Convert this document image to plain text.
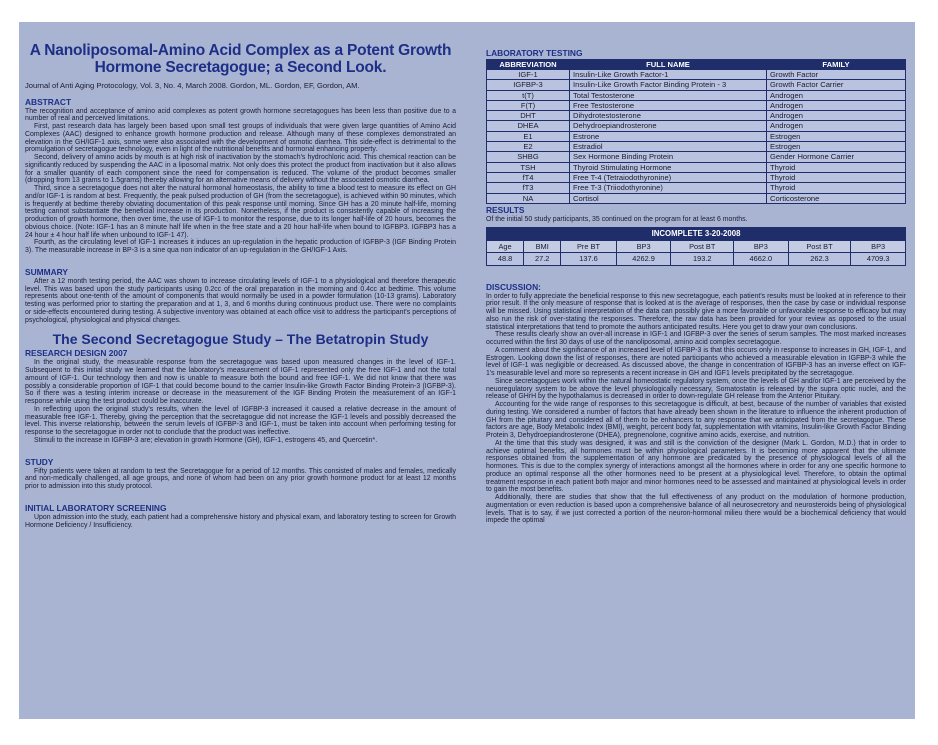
A Nanoliposomal-Amino Acid Complex as a Potent Growth Hormone Secretagogue; a Second Look.
Journal of Anti Aging Protocology, Vol. 3, No. 4, March 2008. Gordon, ML. Gordon, EF, Gordon, AM.
ABSTRACT

The recognition and acceptance of amino acid complexes as potent growth hormone secretagogues has been less than positive due to a number of real and perceived limitations.

First, past research data has largely been based upon small test groups of individuals that were given large quantities of Amino Acid Complexes (AAC) designed to enhance growth hormone production and release. Although many of these complexes demonstrated an elevation in the GH/IGF-1 axis, some were also associated with the development of osmotic diarrhea. This side-effect is detrimental to the promulgation of secretagogue technology, even in light of the nutritional benefits and hormonal enhancing property.

Second, delivery of amino acids by mouth is at high risk of inactivation by the stomach's hydrochloric acid. This chemical reaction can be significantly reduced by suspending the AAC in a liposomal matrix. Not only does this protect the product from inactivation but it also allows for a smaller quantity of each component since the need for compensation is reduced. The volume of the product becomes smaller (dropping from 13 grams to 1.5grams) thereby allowing for an alternative means of delivery without the associated osmotic diarrhea.

Third, since a secretagogue does not alter the natural hormonal homeostasis, the ability to time a blood test to measure its effect on GH and/or IGF-1 is random at best. Frequently, the peak pulsed production of GH (from the secretagogue), is achieved within 90 minutes, which is frequently at bedtime thereby obviating documentation of this peak response until morning. Since GH has a 20 minute half-life, morning testing cannot substantiate the beneficial increase in its production. Nonetheless, if the product is consistently capable of increasing the production of growth hormone, then over time, the use of IGF-1 to monitor the response, due to its longer half-life of 20 hours, becomes the obvious choice. (Note: IGF-1 has an 8 minute half life when in the free state and a 20 hour half-life when bound to IGFBP3. IGFBP3 has a 24 hour ± 4 hour half life when unbound to IGF-1 47).

Fourth, as the circulating level of IGF-1 increases it induces an up-regulation in the hepatic production of IGFBP-3 (IGF Binding Protein 3). The measurable increase in BP-3 is a sine qua non indicator of an up-regulation in the GH/IGF-1 Axis.

SUMMARY

After a 12 month testing period, the AAC was shown to increase circulating levels of IGF-1 to a physiological and therefore therapeutic level. This was based upon the study participants using 0.2cc of the oral preparation in the morning and 0.4cc at bedtime. This volume represents about one-tenth of the amount of components that would normally be used in a powder formulation (10-13 grams). Laboratory testing was performed prior to starting the preparation and at 1, 3, and 6 months during continuous product use. There were no complaints or side-effects encountered during testing. A subjective inventory was obtained at each office visit to address the participant's perceptions of psychological, physiological and physical changes.

The Second Secretagogue Study – The Betatropin Study
RESEARCH DESIGN 2007

In the original study, the measurable response from the secretagogue was based upon measured changes in the level of IGF-1. Subsequent to this initial study we learned that the laboratory's measurement of IGF-1 represented only the free IGF-1 and not the total amount of IGF-1. Our technology then and now is unable to measure both the bound and free IGF-1. We did not know that there was possibly a considerable proportion of IGF-1 that could become bound to the carrier Insulin-like Growth Factor Binding Protein-3 (IGFBP-3). So if there was a testing interim increase or decrease in the measurement of the IGF Binding Protein the measurement of an IGF-1 response while using the test product could be inaccurate.

In reflecting upon the original study's results, when the level of IGFBP-3 increased it caused a relative decrease in the amount of measurable free IGF-1. Thereby, giving the perception that the secretagogue did not increase the IGF-1 levels and possibly decreased the level. This inverse relationship, between the serum levels of IGFBP-3 and IGF-1, must be taken into account when performing testing for response to the secretagogue in order not to conclude that the product was ineffective.

Stimuli to the increase in IGFBP-3 are; elevation in growth Hormone (GH), IGF-1, estrogens 45, and Quercetin*.

STUDY

Fifty patients were taken at random to test the Secretagogue for a period of 12 months. This consisted of males and females, medically and non-medically challenged, all age groups, and none of whom had been on any prior growth hormone product for at least 12 months prior to admission into this study protocol.

INITIAL LABORATORY SCREENING

Upon admission into the study, each patient had a comprehensive history and physical exam, and laboratory testing to screen for Growth Hormone Deficiency / Insufficiency.

LABORATORY TESTING
ABBREVIATION	FULL NAME	FAMILY
IGF-1	Insulin-Like Growth Factor-1	Growth Factor
IGFBP-3	Insulin-Like Growth Factor Binding Protein - 3	Growth Factor Carrier
t(T)	Total Testosterone	Androgen
F(T)	Free Testosterone	Androgen
DHT	Dihydrotestosterone	Androgen
DHEA	Dehydroepiandrosterone	Androgen
E1	Estrone	Estrogen
E2	Estradiol	Estrogen
SHBG	Sex Hormone Binding Protein	Gender Hormone Carrier
TSH	Thyroid Stimulating Hormone	Thyroid
fT4	Free T-4 (Tetraiodothyronine)	Thyroid
fT3	Free T-3 (Triiodothyronine)	Thyroid
NA	Cortisol	Corticosterone
RESULTS

Of the initial 50 study participants, 35 continued on the program for at least 6 months.

INCOMPLETE 3-20-2008							
Age	BMI	Pre BT	BP3	Post BT	BP3	Post BT	BP3
48.8	27.2	137.6	4262.9	193.2	4662.0	262.3	4709.3
DISCUSSION:

In order to fully appreciate the beneficial response to this new secretagogue, each patient's results must be looked at in reference to their prior result. If the only measure of response that is looked at is the average of responses, then the case by case or individual response will be missed. Using statistical interpretation of the data can possibly give a more favorable or unfavorable response to efficacy but may also run the risk of over-stating the responses. Therefore, the raw data has been provided for your review as opposed to the usual statistical interpretations that tend to promote the authors anticipated results. Here you get to draw your own conclusions.

These results clearly show an over-all increase in IGF-1 and IGFBP-3 over the series of serum samples. The most marked increases occurred within the first 30 days of use of the nanoliposomal, amino acid complex secretagogue.

A comment about the significance of an increased level of IGFBP-3 is that this occurs only in response to increases in GH, IGF-1, and Estrogen. Looking down the list of responses, there are noted participants who achieved a measurable elevation in IGFBP-3 while the level of IGF-1 was negligible or decreased. As discussed above, the change in concentration of IGFBP-3 has an inverse effect on IGF-1's measurable level and more so represents a recent increase in GH and IGF1 levels precipitated by the secretagogue.

Since secretagogues work within the natural homeostatic regulatory system, once the levels of GH and/or IGF-1 are perceived by the neuoregulatory system to be above the level physiologically necessary, Somatostatin is released by the supra optic nuclei, and the release of GHrH by the hypothalamus is decreased in order to down-regulate GH release from the Anterior Pituitary.

Accounting for the wide range of responses to this secretagogue is difficult, at best, because of the number of variables that existed during testing. We considered a number of factors that have already been shown in the literature to influence the inherent production of GH from the pituitary and considered all of them to be enhancers to any response that we anticipated from the secretagogue. These factors are age, Body Metabolic Index (BMI), weight, percent body fat, supplementation with vitamins, Insulin-like Growth Factor Binding Protein 3, Dehydroepiandrosterone (DHEA), pregnenolone, cognitive amino acids, exercise, and nutrition.

At the time that this study was designed, it was and still is the conviction of the designer (Mark L. Gordon, M.D.) that in order to achieve optimal benefits, all hormones must be within physiological parameters. It is becoming more apparent that the ultimate responses obtained from the supplementation of any hormone are predicated by the presence of physiological levels of all the hormones. This is due to the complex synergy of interactions amongst all the hormones where in order for any one specific hormone to produce an optimal response all the other hormones need to be present at a physiological level. Therefore, to obtain the optimal treatment response in each patient both major and minor hormones need to be assessed and maintained at physiological levels in order to gain the most benefits.

Additionally, there are studies that show that the full effectiveness of any product on the modulation of hormone production, augmentation or even reduction is based upon a comprehensive balance of all neurosecretory and neurosteroids being of physiological levels. That is to say, if we just corrected a portion of the neuron-hormonal milieu there would be a biochemical deficiency that would impede the optimal
